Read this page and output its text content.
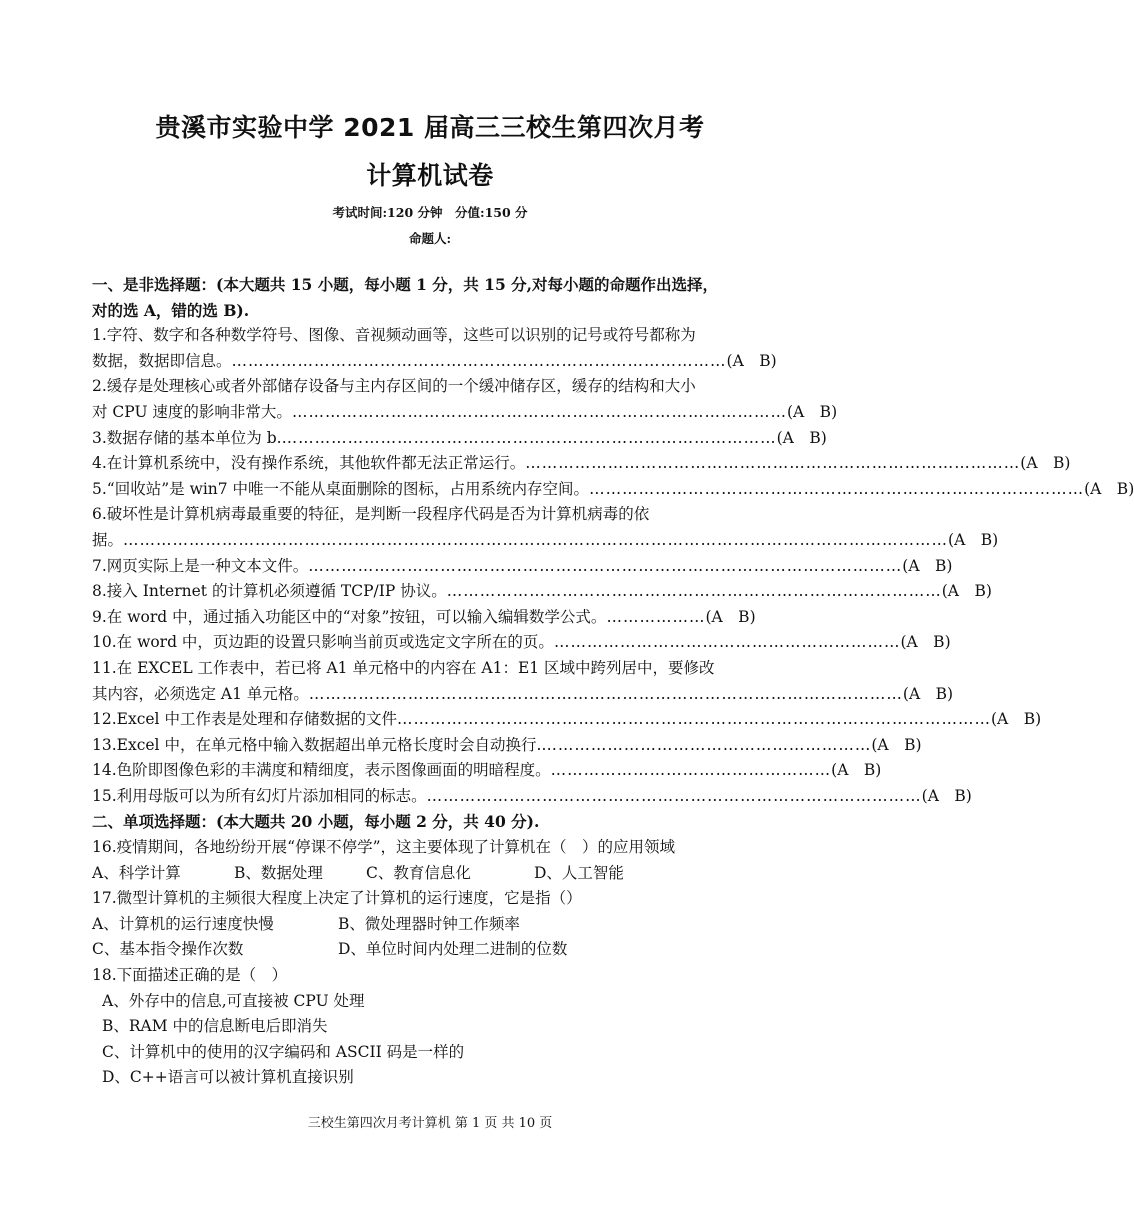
贵溪市实验中学 2021 届高三三校生第四次月考
计算机试卷
考试时间:120 分钟　分值:150 分
命题人:
一、是非选择题：(本大题共 15 小题，每小题 1 分，共 15 分,对每小题的命题作出选择，
对的选 A，错的选 B).
1.字符、数字和各种数学符号、图像、音视频动画等，这些可以识别的记号或符号都称为
数据，数据即信息。 ……………………………………………………………………………… (A　B)
2.缓存是处理核心或者外部储存设备与主内存区间的一个缓冲储存区，缓存的结构和大小
对 CPU 速度的影响非常大。 ……………………………………………………………………………… (A　B)
3.数据存储的基本单位为 b. ……………………………………………………………………………… (A　B)
4.在计算机系统中，没有操作系统，其他软件都无法正常运行。 ……………………………………………………………………………… (A　B)
5.“回收站”是 win7 中唯一不能从桌面删除的图标，占用系统内存空间。 ……………………………………………………………………………… (A　B)
6.破坏性是计算机病毒最重要的特征，是判断一段程序代码是否为计算机病毒的依
据。 …………………………………………………………………………………………………………………………………… (A　B)
7.网页实际上是一种文本文件。 ……………………………………………………………………………………………… (A　B)
8.接入 Internet 的计算机必须遵循 TCP/IP 协议。 ……………………………………………………………………………… (A　B)
9.在 word 中，通过插入功能区中的“对象”按钮，可以输入编辑数学公式。 ……………… (A　B)
10.在 word 中，页边距的设置只影响当前页或选定文字所在的页。 ……………………………………………………… (A　B)
11.在 EXCEL 工作表中，若已将 A1 单元格中的内容在 A1：E1 区域中跨列居中，要修改
其内容，必须选定 A1 单元格。 ……………………………………………………………………………………………… (A　B)
12.Excel 中工作表是处理和存储数据的文件 ……………………………………………………………………………………………… (A　B)
13.Excel 中，在单元格中输入数据超出单元格长度时会自动换行. …………………………………………………… (A　B)
14.色阶即图像色彩的丰满度和精细度，表示图像画面的明暗程度。 …………………………………………… (A　B)
15.利用母版可以为所有幻灯片添加相同的标志。 ……………………………………………………………………………… (A　B)
二、单项选择题：(本大题共 20 小题，每小题 2 分，共 40 分).
16.疫情期间，各地纷纷开展“停课不停学”，这主要体现了计算机在（　）的应用领域
A、科学计算	B、数据处理	C、教育信息化	D、人工智能
17.微型计算机的主频很大程度上决定了计算机的运行速度，它是指（）
A、计算机的运行速度快慢	B、微处理器时钟工作频率
C、基本指令操作次数	D、单位时间内处理二进制的位数
18.下面描述正确的是（　）
A、外存中的信息,可直接被 CPU 处理
B、RAM 中的信息断电后即消失
C、计算机中的使用的汉字编码和 ASCII 码是一样的
D、C++语言可以被计算机直接识别
三校生第四次月考计算机 第 1 页 共 10 页
